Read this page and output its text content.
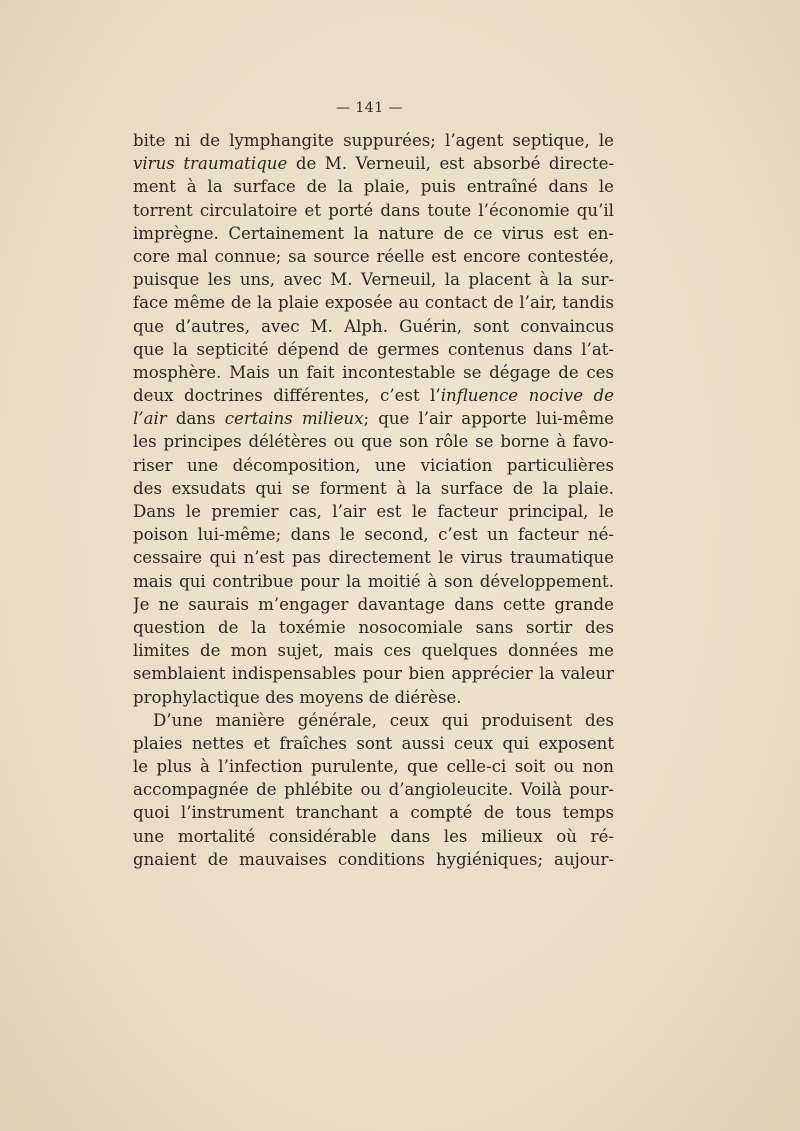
— 141 —
bite ni de lymphangite suppurées; l’agent septique, le
virus traumatique de M. Verneuil, est absorbé directe-
ment à la surface de la plaie, puis entraîné dans le
torrent circulatoire et porté dans toute l’économie qu’il
imprègne. Certainement la nature de ce virus est en-
core mal connue; sa source réelle est encore contestée,
puisque les uns, avec M. Verneuil, la placent à la sur-
face même de la plaie exposée au contact de l’air, tandis
que d’autres, avec M. Alph. Guérin, sont convaincus
que la septicité dépend de germes contenus dans l’at-
mosphère. Mais un fait incontestable se dégage de ces
deux doctrines différentes, c’est l’influence nocive de
l’air dans certains milieux; que l’air apporte lui-même
les principes délétères ou que son rôle se borne à favo-
riser une décomposition, une viciation particulières
des exsudats qui se forment à la surface de la plaie.
Dans le premier cas, l’air est le facteur principal, le
poison lui-même; dans le second, c’est un facteur né-
cessaire qui n’est pas directement le virus traumatique
mais qui contribue pour la moitié à son développement.
Je ne saurais m’engager davantage dans cette grande
question de la toxémie nosocomiale sans sortir des
limites de mon sujet, mais ces quelques données me
semblaient indispensables pour bien apprécier la valeur
prophylactique des moyens de diérèse.
D’une manière générale, ceux qui produisent des
plaies nettes et fraîches sont aussi ceux qui exposent
le plus à l’infection purulente, que celle-ci soit ou non
accompagnée de phlébite ou d’angioleucite. Voilà pour-
quoi l’instrument tranchant a compté de tous temps
une mortalité considérable dans les milieux où ré-
gnaient de mauvaises conditions hygiéniques; aujour-
